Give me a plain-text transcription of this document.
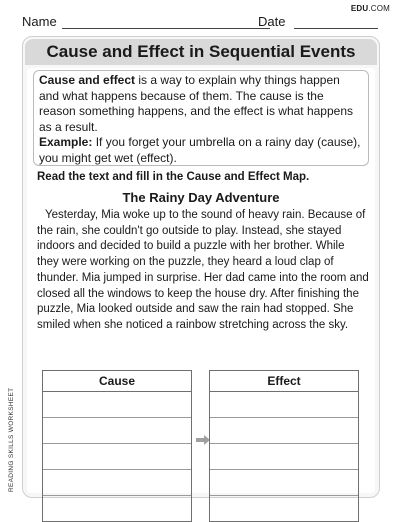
EDU.COM
Name	Date
Cause and Effect in Sequential Events

Cause and effect is a way to explain why things happen and what happens because of them. The cause is the reason something happens, and the effect is what happens as a result.

Example: If you forget your umbrella on a rainy day (cause), you might get wet (effect).

Read the text and fill in the Cause and Effect Map.
The Rainy Day Adventure

Yesterday, Mia woke up to the sound of heavy rain. Because of the rain, she couldn't go outside to play. Instead, she stayed indoors and decided to build a puzzle with her brother. While they were working on the puzzle, they heard a loud clap of thunder. Mia jumped in surprise. Her dad came into the room and closed all the windows to keep the house dry. After finishing the puzzle, Mia looked outside and saw the rain had stopped. She smiled when she noticed a rainbow stretching across the sky.

Cause	Effect
READING SKILLS WORKSHEET
